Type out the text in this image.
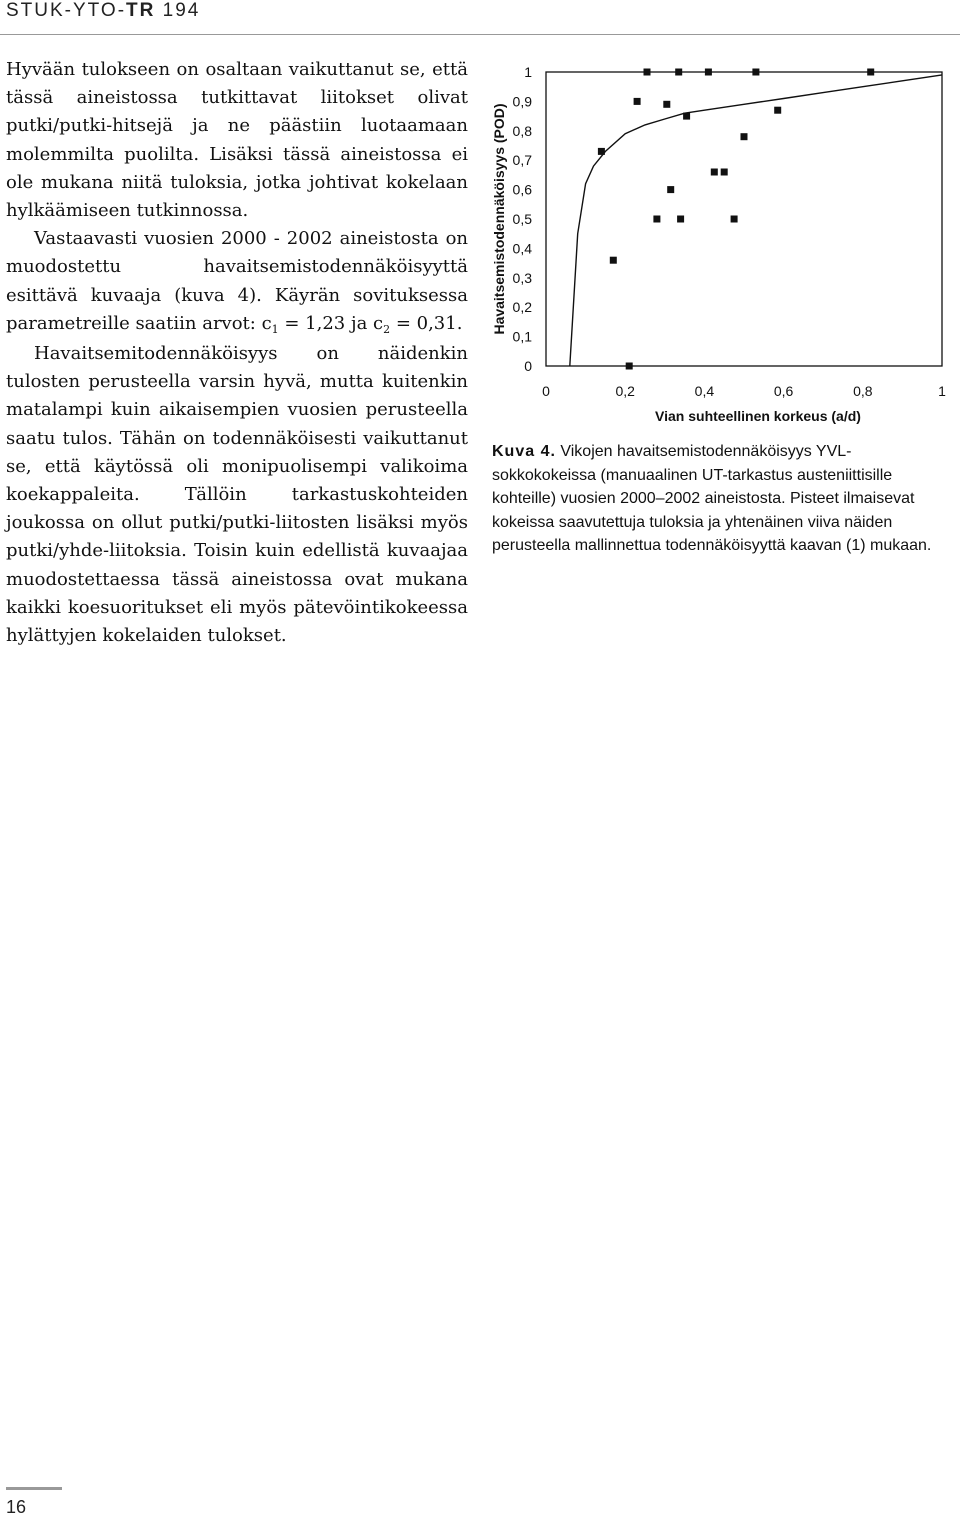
STUK-YTO-TR 194

Hyvään tulokseen on osaltaan vaikuttanut se, että tässä aineistossa tutkittavat liitokset olivat putki/putki-hitsejä ja ne päästiin luotaamaan molemmilta puolilta. Lisäksi tässä aineistossa ei ole mukana niitä tuloksia, jotka johtivat kokelaan hylkäämiseen tutkinnossa.

Vastaavasti vuosien 2000 - 2002 aineistosta on muodostettu havaitsemistodennäköisyyttä esittävä kuvaaja (kuva 4). Käyrän sovituksessa parametreille saatiin arvot: $c_1 = 1,23$ ja $c_2 = 0,31$.

Havaitsemitodennäköisyys on näidenkin tulosten perusteella varsin hyvä, mutta kuitenkin matalampi kuin aikaisempien vuosien perusteella saatu tulos. Tähän on todennäköisesti vaikuttanut se, että käytössä oli monipuolisempi valikoima koekappaleita. Tällöin tarkastuskohteiden joukossa on ollut putki/putki-liitosten lisäksi myös putki/yhde-liitoksia. Toisin kuin edellistä kuvaajaa muodostettaessa tässä aineistossa ovat mukana kaikki koesuoritukset eli myös pätevöintikokeessa hylättyjen kokelaiden tulokset.

0
0,1
0,2
0,3
0,4
0,5
0,6
0,7
0,8
0,9
1
0	0,2	0,4	0,6	0,8	1
Havaitsemistodennäköisyys (POD)
Vian suhteellinen korkeus (a/d)
Kuva 4. Vikojen havaitsemistodennäköisyys YVL-sokkokokeissa (manuaalinen UT-tarkastus austeniittisille kohteille) vuosien 2000–2002 aineistosta. Pisteet ilmaisevat kokeissa saavutettuja tuloksia ja yhtenäinen viiva näiden perusteella mallinnettua todennäköisyyttä kaavan (1) mukaan.
16
